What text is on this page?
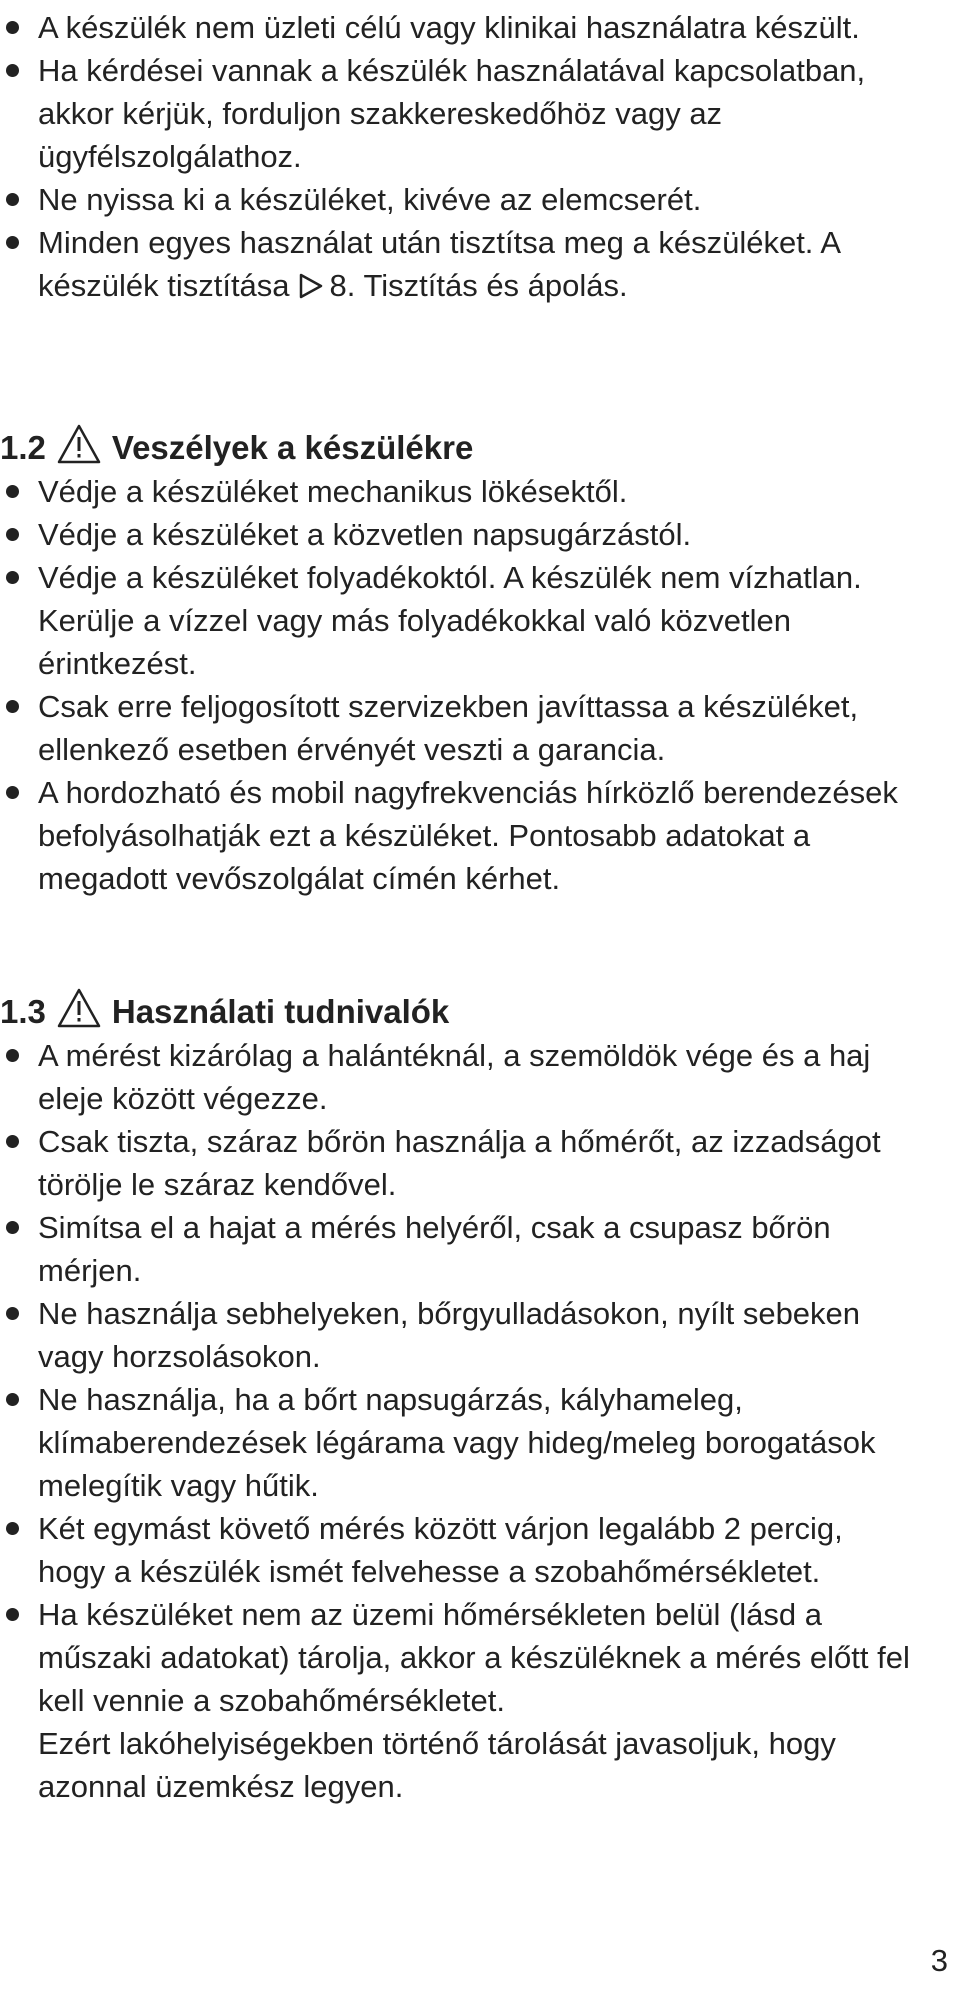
A készülék nem üzleti célú vagy klinikai használatra készült.
Ha kérdései vannak a készülék használatával kapcsolatban, akkor kérjük, forduljon szakkereskedőhöz vagy az ügyfélszolgálathoz.
Ne nyissa ki a készüléket, kivéve az elemcserét.
Minden egyes használat után tisztítsa meg a készüléket. A készülék tisztítása 8. Tisztítás és ápolás.
1.2 Veszélyek a készülékre
Védje a készüléket mechanikus lökésektől.
Védje a készüléket a közvetlen napsugárzástól.
Védje a készüléket folyadékoktól. A készülék nem vízhatlan. Kerülje a vízzel vagy más folyadékokkal való közvetlen érintkezést.
Csak erre feljogosított szervizekben javíttassa a készüléket, ellenkező esetben érvényét veszti a garancia.
A hordozható és mobil nagyfrekvenciás hírközlő berendezések befolyásolhatják ezt a készüléket. Pontosabb adatokat a megadott vevőszolgálat címén kérhet.
1.3 Használati tudnivalók
A mérést kizárólag a halántéknál, a szemöldök vége és a haj eleje között végezze.
Csak tiszta, száraz bőrön használja a hőmérőt, az izzadságot törölje le száraz kendővel.
Simítsa el a hajat a mérés helyéről, csak a csupasz bőrön mérjen.
Ne használja sebhelyeken, bőrgyulladásokon, nyílt sebeken vagy horzsolásokon.
Ne használja, ha a bőrt napsugárzás, kályhameleg, klímaberendezések légárama vagy hideg/meleg borogatások melegítik vagy hűtik.
Két egymást követő mérés között várjon legalább 2 percig, hogy a készülék ismét felvehesse a szobahőmérsékletet.
Ha készüléket nem az üzemi hőmérsékleten belül (lásd a műszaki adatokat) tárolja, akkor a készüléknek a mérés előtt fel kell vennie a szobahőmérsékletet.
Ezért lakóhelyiségekben történő tárolását javasoljuk, hogy azonnal üzemkész legyen.
3
